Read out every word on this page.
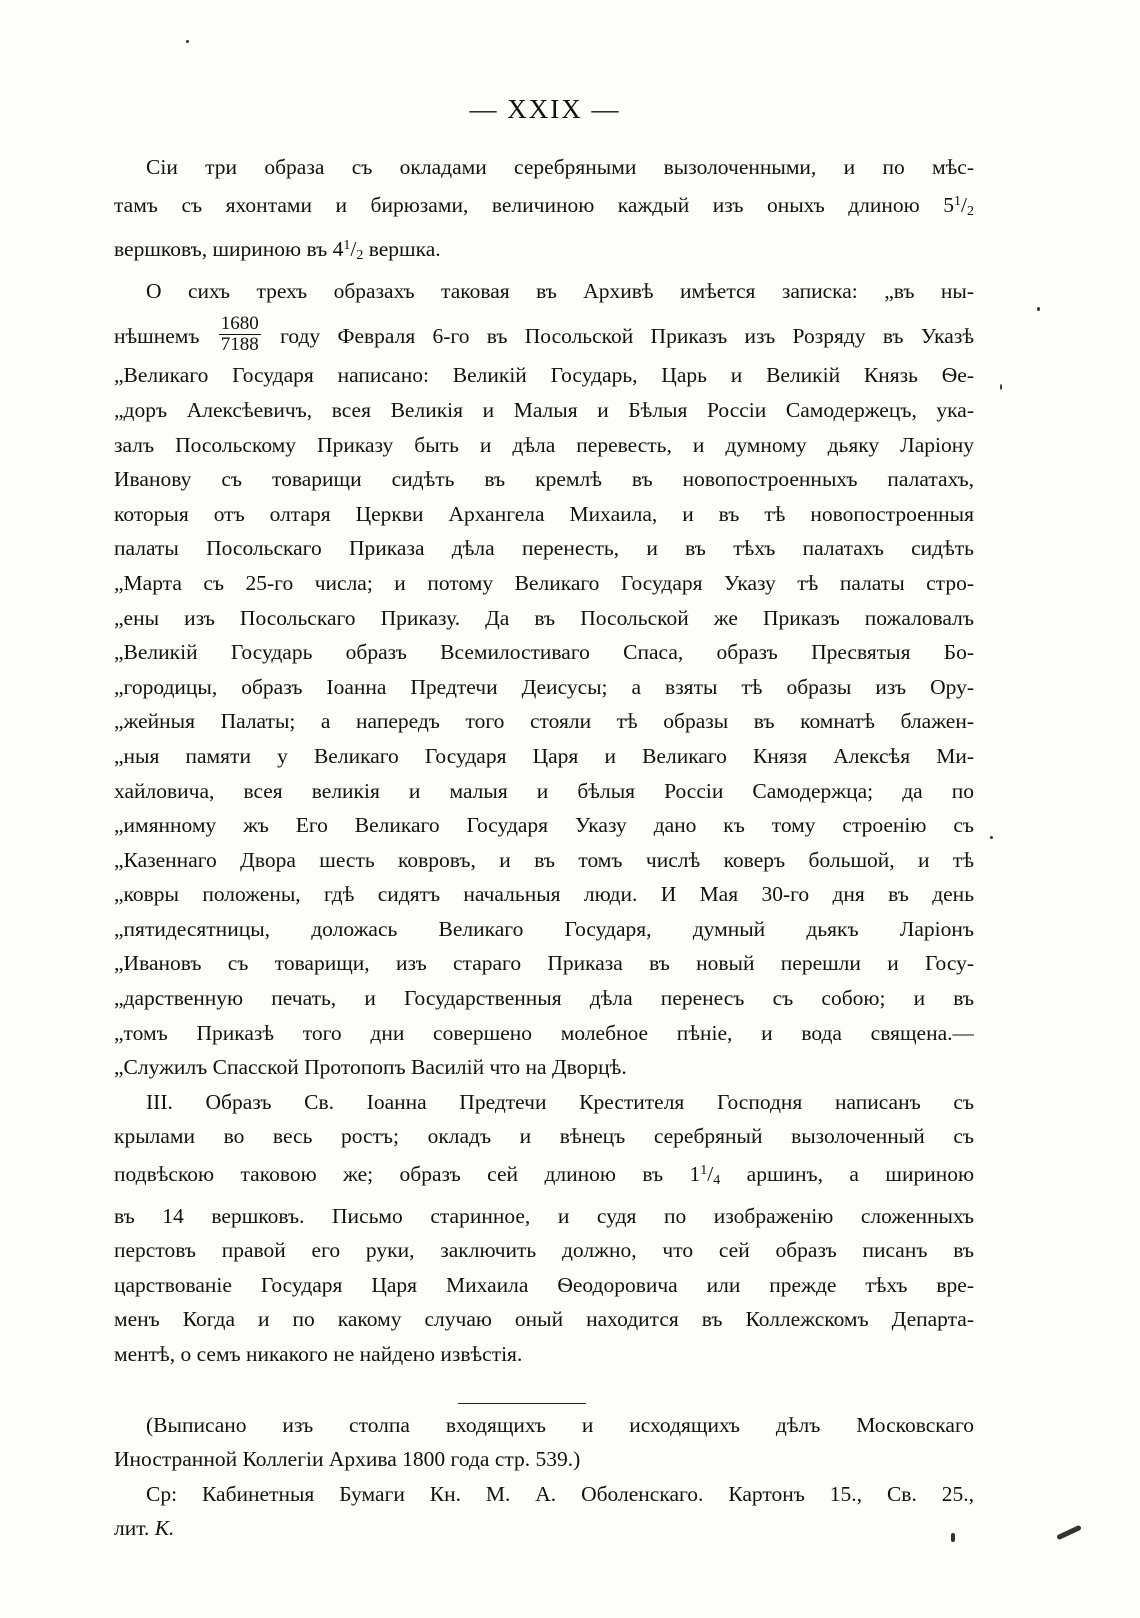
— XXIX —
Сіи три образа съ окладами серебряными вызолоченными, и по мѣс-
тамъ съ яхонтами и бирюзами, величиною каждый изъ оныхъ длиною $5^1/_2$
вершковъ, шириною въ $4^1/_2$ вершка.
О сихъ трехъ образахъ таковая въ Архивѣ имѣется записка: „въ ны-
нѣшнемъ $\frac{1680}{7188}$ году Февраля 6-го въ Посольской Приказъ изъ Розряду въ Указѣ
„Великаго Государя написано: Великій Государь, Царь и Великій Князь Ѳе-
„доръ Алексѣевичъ, всея Великія и Малыя и Бѣлыя Россіи Самодержецъ, ука-
залъ Посольскому Приказу быть и дѣла перевесть, и думному дьяку Ларіону
Иванову съ товарищи сидѣть въ кремлѣ въ новопостроенныхъ палатахъ,
которыя отъ олтаря Церкви Архангела Михаила, и въ тѣ новопостроенныя
палаты Посольскаго Приказа дѣла перенесть, и въ тѣхъ палатахъ сидѣть
„Марта съ 25-го числа; и потому Великаго Государя Указу тѣ палаты стро-
„ены изъ Посольскаго Приказу. Да въ Посольской же Приказъ пожаловалъ
„Великій Государь образъ Всемилостиваго Спаса, образъ Пресвятыя Бо-
„городицы, образъ Іоанна Предтечи Деисусы; а взяты тѣ образы изъ Ору-
„жейныя Палаты; а напередъ того стояли тѣ образы въ комнатѣ блажен-
„ныя памяти у Великаго Государя Царя и Великаго Князя Алексѣя Ми-
хайловича, всея великія и малыя и бѣлыя Россіи Самодержца; да по
„имянному жъ Его Великаго Государя Указу дано къ тому строенію съ
„Казеннаго Двора шесть ковровъ, и въ томъ числѣ коверъ большой, и тѣ
„ковры положены, гдѣ сидятъ начальныя люди. И Мая 30-го дня въ день
„пятидесятницы, доложась Великаго Государя, думный дьякъ Ларіонъ
„Ивановъ съ товарищи, изъ стараго Приказа въ новый перешли и Госу-
„дарственную печать, и Государственныя дѣла перенесъ съ собою; и въ
„томъ Приказѣ того дни совершено молебное пѣніе, и вода священа.—
„Служилъ Спасской Протопопъ Василій что на Дворцѣ.
III. Образъ Св. Іоанна Предтечи Крестителя Господня написанъ съ
крылами во весь ростъ; окладъ и вѣнецъ серебряный вызолоченный съ
подвѣскою таковою же; образъ сей длиною въ $1^1/_4$ аршинъ, а шириною
въ 14 вершковъ. Письмо старинное, и судя по изображенію сложенныхъ
перстовъ правой его руки, заключить должно, что сей образъ писанъ въ
царствованіе Государя Царя Михаила Ѳеодоровича или прежде тѣхъ вре-
менъ Когда и по какому случаю оный находится въ Коллежскомъ Департа-
ментѣ, о семъ никакого не найдено извѣстія.
(Выписано изъ столпа входящихъ и исходящихъ дѣлъ Московскаго
Иностранной Коллегіи Архива 1800 года стр. 539.)
Ср: Кабинетныя Бумаги Кн. М. А. Оболенскаго. Картонъ 15., Св. 25.,
лит. К.
